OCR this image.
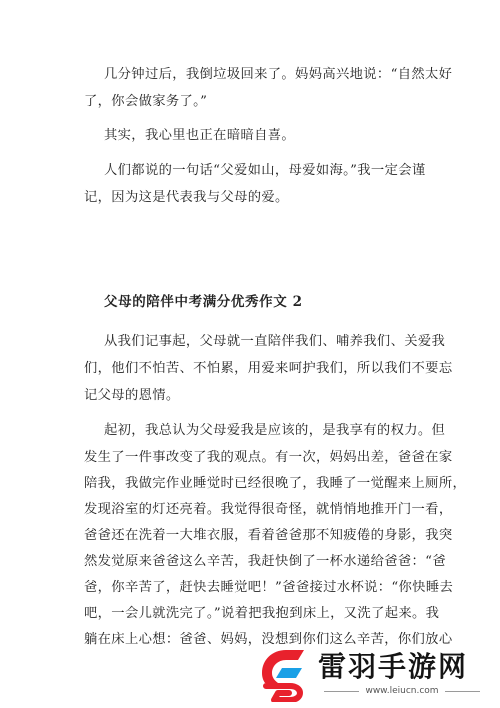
几分钟过后，我倒垃圾回来了。妈妈高兴地说：“自然太好
了，你会做家务了。”
其实，我心里也正在暗暗自喜。
人们都说的一句话“父爱如山，母爱如海。”我一定会谨
记，因为这是代表我与父母的爱。
父母的陪伴中考满分优秀作文 2
从我们记事起，父母就一直陪伴我们、哺养我们、关爱我
们，他们不怕苦、不怕累，用爱来呵护我们，所以我们不要忘
记父母的恩情。
起初，我总认为父母爱我是应该的，是我享有的权力。但
发生了一件事改变了我的观点。有一次，妈妈出差，爸爸在家
陪我，我做完作业睡觉时已经很晚了，我睡了一觉醒来上厕所，
发现浴室的灯还亮着。我觉得很奇怪，就悄悄地推开门一看，
爸爸还在洗着一大堆衣服，看着爸爸那不知疲倦的身影，我突
然发觉原来爸爸这么辛苦，我赶快倒了一杯水递给爸爸：“爸
爸，你辛苦了，赶快去睡觉吧！”爸爸接过水杯说：“你快睡去
吧，一会儿就洗完了。”说着把我抱到床上，又洗了起来。我
躺在床上心想：爸爸、妈妈，没想到你们这么辛苦，你们放心
雷羽手游网
www.leiucn.com
